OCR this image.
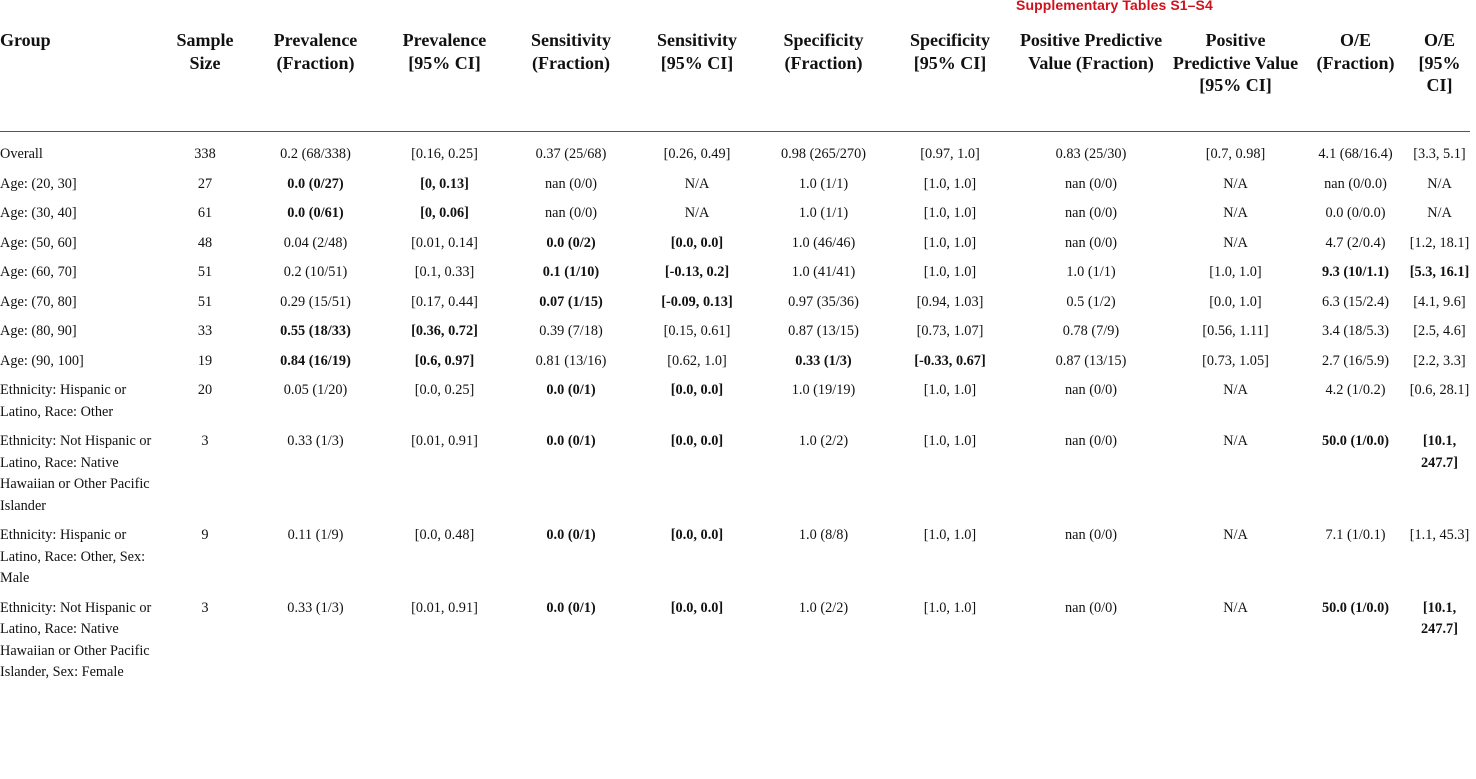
Supplementary Tables S1–S4
Group	Sample Size	Prevalence (Fraction)	Prevalence [95% CI]	Sensitivity (Fraction)	Sensitivity [95% CI]	Specificity (Fraction)	Specificity [95% CI]	Positive Predictive Value (Fraction)	Positive Predictive Value [95% CI]	O/E (Fraction)	O/E [95% CI]
Overall	338	0.2 (68/338)	[0.16, 0.25]	0.37 (25/68)	[0.26, 0.49]	0.98 (265/270)	[0.97, 1.0]	0.83 (25/30)	[0.7, 0.98]	4.1 (68/16.4)	[3.3, 5.1]
Age: (20, 30]	27	0.0 (0/27)	[0, 0.13]	nan (0/0)	N/A	1.0 (1/1)	[1.0, 1.0]	nan (0/0)	N/A	nan (0/0.0)	N/A
Age: (30, 40]	61	0.0 (0/61)	[0, 0.06]	nan (0/0)	N/A	1.0 (1/1)	[1.0, 1.0]	nan (0/0)	N/A	0.0 (0/0.0)	N/A
Age: (50, 60]	48	0.04 (2/48)	[0.01, 0.14]	0.0 (0/2)	[0.0, 0.0]	1.0 (46/46)	[1.0, 1.0]	nan (0/0)	N/A	4.7 (2/0.4)	[1.2, 18.1]
Age: (60, 70]	51	0.2 (10/51)	[0.1, 0.33]	0.1 (1/10)	[-0.13, 0.2]	1.0 (41/41)	[1.0, 1.0]	1.0 (1/1)	[1.0, 1.0]	9.3 (10/1.1)	[5.3, 16.1]
Age: (70, 80]	51	0.29 (15/51)	[0.17, 0.44]	0.07 (1/15)	[-0.09, 0.13]	0.97 (35/36)	[0.94, 1.03]	0.5 (1/2)	[0.0, 1.0]	6.3 (15/2.4)	[4.1, 9.6]
Age: (80, 90]	33	0.55 (18/33)	[0.36, 0.72]	0.39 (7/18)	[0.15, 0.61]	0.87 (13/15)	[0.73, 1.07]	0.78 (7/9)	[0.56, 1.11]	3.4 (18/5.3)	[2.5, 4.6]
Age: (90, 100]	19	0.84 (16/19)	[0.6, 0.97]	0.81 (13/16)	[0.62, 1.0]	0.33 (1/3)	[-0.33, 0.67]	0.87 (13/15)	[0.73, 1.05]	2.7 (16/5.9)	[2.2, 3.3]
Ethnicity: Hispanic or Latino, Race: Other	20	0.05 (1/20)	[0.0, 0.25]	0.0 (0/1)	[0.0, 0.0]	1.0 (19/19)	[1.0, 1.0]	nan (0/0)	N/A	4.2 (1/0.2)	[0.6, 28.1]
Ethnicity: Not Hispanic or Latino, Race: Native Hawaiian or Other Pacific Islander	3	0.33 (1/3)	[0.01, 0.91]	0.0 (0/1)	[0.0, 0.0]	1.0 (2/2)	[1.0, 1.0]	nan (0/0)	N/A	50.0 (1/0.0)	[10.1, 247.7]
Ethnicity: Hispanic or Latino, Race: Other, Sex: Male	9	0.11 (1/9)	[0.0, 0.48]	0.0 (0/1)	[0.0, 0.0]	1.0 (8/8)	[1.0, 1.0]	nan (0/0)	N/A	7.1 (1/0.1)	[1.1, 45.3]
Ethnicity: Not Hispanic or Latino, Race: Native Hawaiian or Other Pacific Islander, Sex: Female	3	0.33 (1/3)	[0.01, 0.91]	0.0 (0/1)	[0.0, 0.0]	1.0 (2/2)	[1.0, 1.0]	nan (0/0)	N/A	50.0 (1/0.0)	[10.1, 247.7]
